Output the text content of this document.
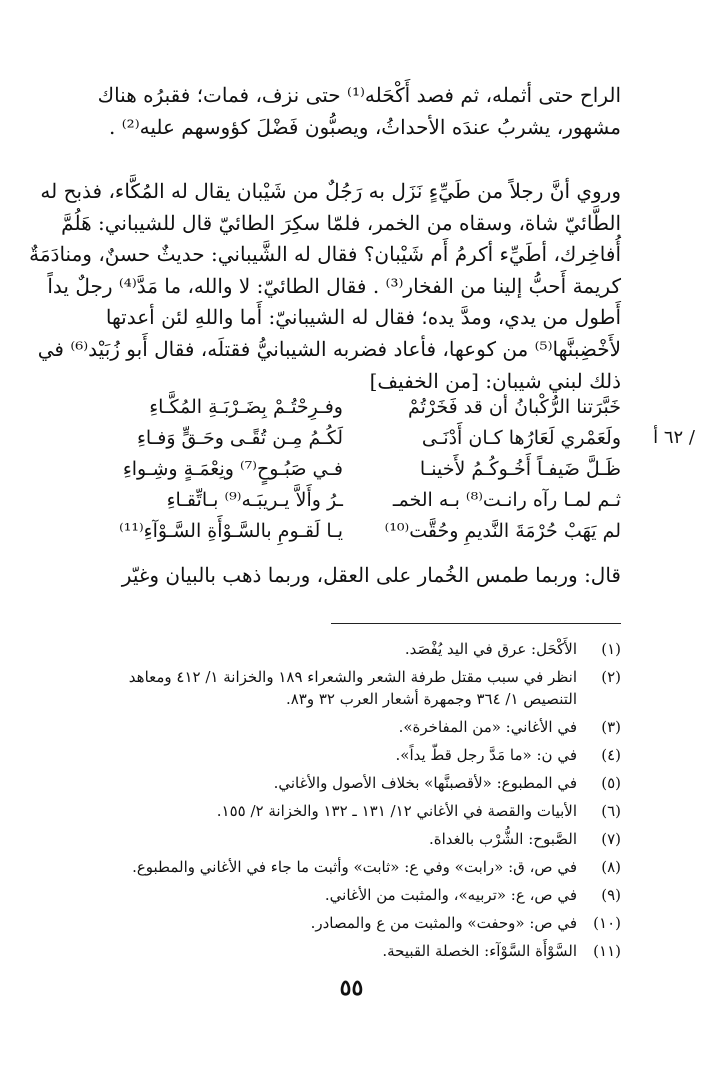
الراح حتى أثمله، ثم فصد أَكْحَله⁽¹⁾ حتى نزف، فمات؛ فقبرُه هناك
مشهور، يشربُ عندَه الأحداثُ، ويصبُّون فَضْلَ كؤوسهم عليه⁽²⁾ .

وروي أنَّ رجلاً من طَيِّءٍ نَزَل به رَجُلٌ من شَيْبان يقال له المُكَّاء، فذبح له
الطَّائيّ شاة، وسقاه من الخمر، فلمّا سكِرَ الطائيّ قال للشيباني: هَلُمَّ
أُفاخِرك، أطَيِّء أكرمُ أَم شَيْبان؟ فقال له الشَّيباني: حديثٌ حسنٌ، ومنادَمَةٌ
كريمة أَحبُّ إلينا من الفخار⁽³⁾ . فقال الطائيّ: لا والله، ما مَدَّ⁽⁴⁾ رجلٌ يداً
أَطول من يدي، ومدَّ يده؛ فقال له الشيبانيّ: أَما واللهِ لئن أعدتها
لأَخْضِبنَّها⁽⁵⁾ من كوعها، فأعاد فضربه الشيبانيُّ فقتلَه، فقال أَبو زُبَيْد⁽⁶⁾ في
ذلك لبني شيبان: [من الخفيف]

خَبَّرَتنا الرُّكْبانُ أن قد فَخَرْتُمْ
وفـرِحْتُـمْ بِضَـرْبَـةِ المُكَّـاءِ
ولَعَمْري لَعَارُها كـان أَدْنَـى
لَكُـمُ مِـن تُقًـى وحَـقٍّ وَفـاءِ
ظَـلَّ ضَيفـاً أَخُـوكُـمُ لأَخينـا
فـي صَبُـوحٍ⁽⁷⁾ ونِعْمَـةٍ وشِـواءِ
ثـم لمـا رآه رانـت⁽⁸⁾ بـه الخمـ
ـرُ وأَلاَّ يـريبَـه⁽⁹⁾ بـاتِّقـاءِ
لم يَهَبْ حُرْمَةَ النَّديمِ وحُقَّت⁽¹⁰⁾
يـا لَقـومِ بالسَّـوْأَةِ السَّـوْآءِ⁽¹¹⁾
/ ٦٢ أ

قال: وربما طمس الخُمار على العقل، وربما ذهب بالبيان وغيّر

(١)
الأَكْحَل: عرق في اليد يُفْصَد.
(٢)
انظر في سبب مقتل طرفة الشعر والشعراء ١٨٩ والخزانة ١/ ٤١٢ ومعاهد التنصيص ١/ ٣٦٤ وجمهرة أشعار العرب ٣٢ و٨٣.
(٣)
في الأغاني: «من المفاخرة».
(٤)
في ن: «ما مَدَّ رجل قطّ يداً».
(٥)
في المطبوع: «لأقصبنَّها» بخلاف الأصول والأغاني.
(٦)
الأبيات والقصة في الأغاني ١٢/ ١٣١ ـ ١٣٢ والخزانة ٢/ ١٥٥.
(٧)
الصَّبوح: الشُّرْب بالغداة.
(٨)
في ص، ق: «رابت» وفي ع: «ثابت» وأثبت ما جاء في الأغاني والمطبوع.
(٩)
في ص، ع: «تربيه»، والمثبت من الأغاني.
(١٠)
في ص: «وحفت» والمثبت من ع والمصادر.
(١١)
السَّوْأَة السَّوْآء: الخصلة القبيحة.
٥٥
